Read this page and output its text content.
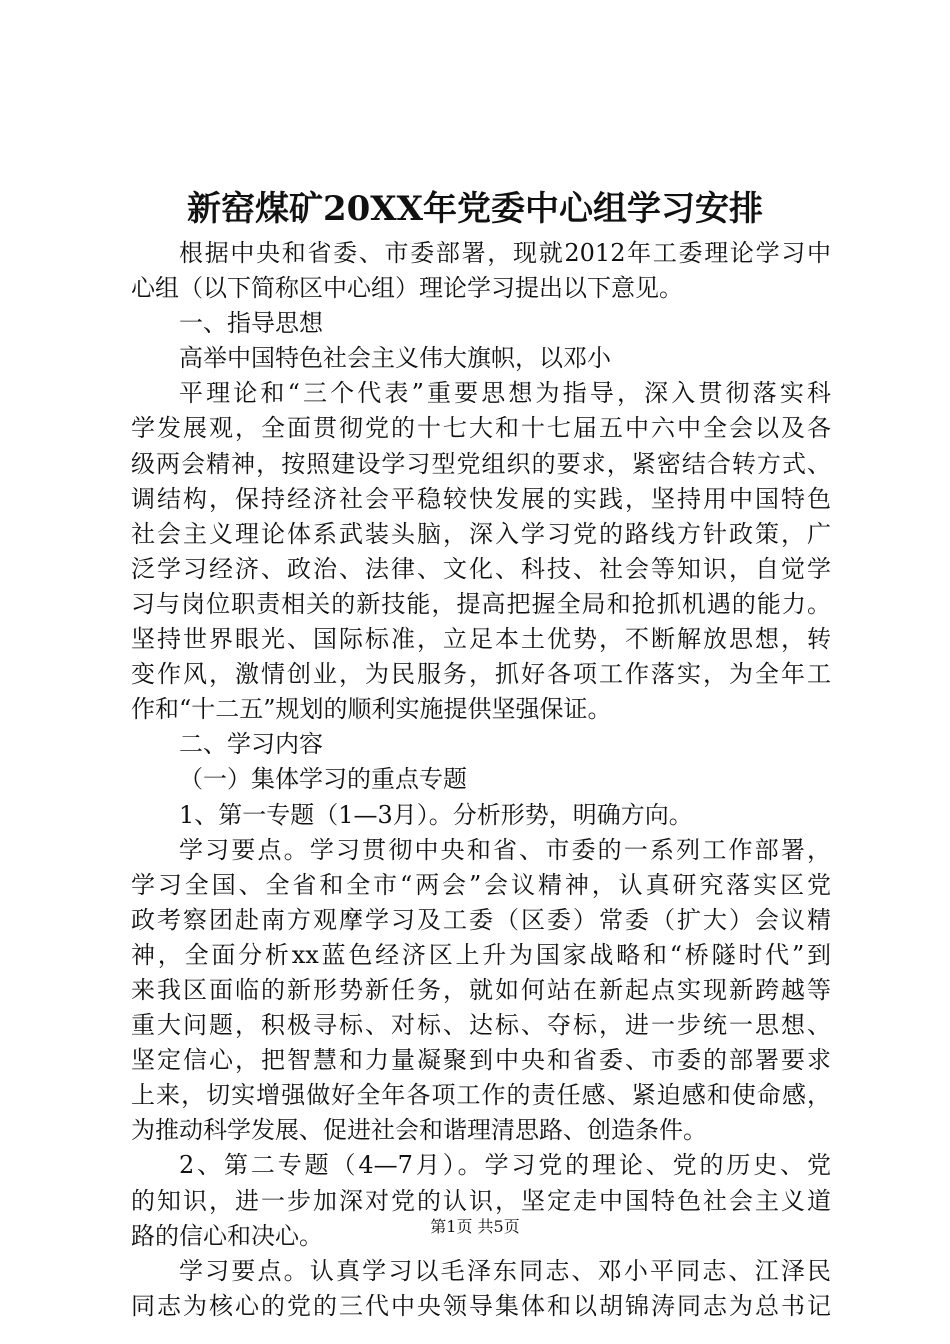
新窑煤矿20XX年党委中心组学习安排
根据中央和省委、市委部署，现就2012年工委理论学习中
心组（以下简称区中心组）理论学习提出以下意见。
一、指导思想
高举中国特色社会主义伟大旗帜，以邓小
平理论和“三个代表”重要思想为指导，深入贯彻落实科
学发展观，全面贯彻党的十七大和十七届五中六中全会以及各
级两会精神，按照建设学习型党组织的要求，紧密结合转方式、
调结构，保持经济社会平稳较快发展的实践，坚持用中国特色
社会主义理论体系武装头脑，深入学习党的路线方针政策，广
泛学习经济、政治、法律、文化、科技、社会等知识，自觉学
习与岗位职责相关的新技能，提高把握全局和抢抓机遇的能力。
坚持世界眼光、国际标准，立足本土优势，不断解放思想，转
变作风，激情创业，为民服务，抓好各项工作落实，为全年工
作和“十二五”规划的顺利实施提供坚强保证。
二、学习内容
（一）集体学习的重点专题
1、第一专题（1—3月）。分析形势，明确方向。
学习要点。学习贯彻中央和省、市委的一系列工作部署，
学习全国、全省和全市“两会”会议精神，认真研究落实区党
政考察团赴南方观摩学习及工委（区委）常委（扩大）会议精
神，全面分析xx蓝色经济区上升为国家战略和“桥隧时代”到
来我区面临的新形势新任务，就如何站在新起点实现新跨越等
重大问题，积极寻标、对标、达标、夺标，进一步统一思想、
坚定信心，把智慧和力量凝聚到中央和省委、市委的部署要求
上来，切实增强做好全年各项工作的责任感、紧迫感和使命感，
为推动科学发展、促进社会和谐理清思路、创造条件。
2、第二专题（4—7月）。学习党的理论、党的历史、党
的知识，进一步加深对党的认识，坚定走中国特色社会主义道
路的信心和决心。
学习要点。认真学习以毛泽东同志、邓小平同志、江泽民
同志为核心的党的三代中央领导集体和以胡锦涛同志为总书记
第1页 共5页
